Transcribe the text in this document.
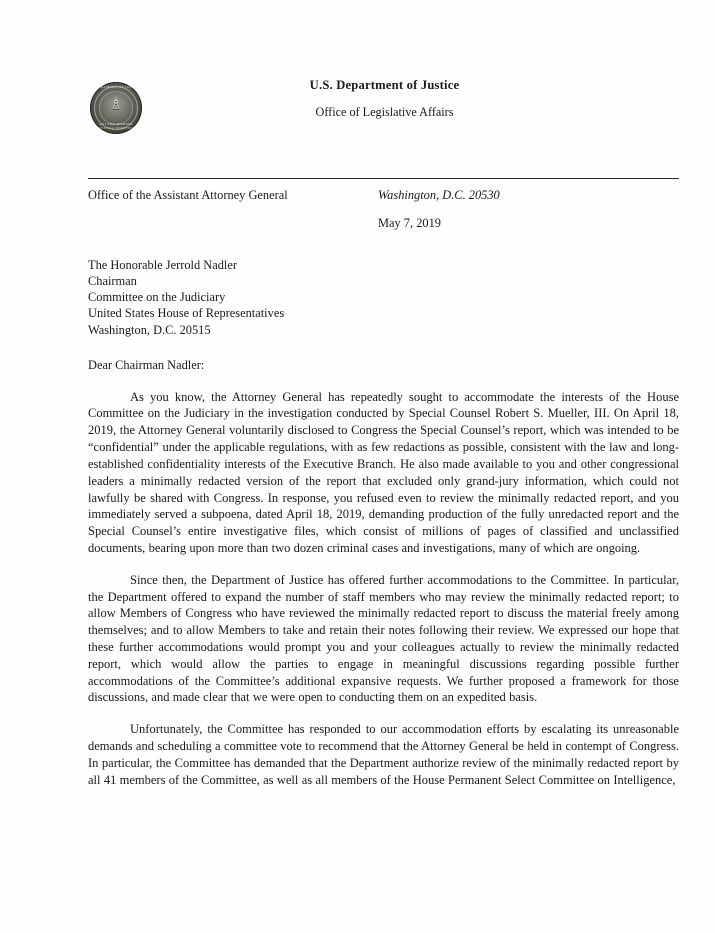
DEPARTMENT OF JUSTICE
♗
QUI PRO DOMINA JUSTITIA SEQUITUR
U.S. Department of Justice
Office of Legislative Affairs
Office of the Assistant Attorney General	Washington, D.C. 20530
May 7, 2019
The Honorable Jerrold Nadler
Chairman
Committee on the Judiciary
United States House of Representatives
Washington, D.C. 20515
Dear Chairman Nadler:

As you know, the Attorney General has repeatedly sought to accommodate the interests of the House Committee on the Judiciary in the investigation conducted by Special Counsel Robert S. Mueller, III. On April 18, 2019, the Attorney General voluntarily disclosed to Congress the Special Counsel’s report, which was intended to be “confidential” under the applicable regulations, with as few redactions as possible, consistent with the law and long-established confidentiality interests of the Executive Branch. He also made available to you and other congressional leaders a minimally redacted version of the report that excluded only grand-jury information, which could not lawfully be shared with Congress. In response, you refused even to review the minimally redacted report, and you immediately served a subpoena, dated April 18, 2019, demanding production of the fully unredacted report and the Special Counsel’s entire investigative files, which consist of millions of pages of classified and unclassified documents, bearing upon more than two dozen criminal cases and investigations, many of which are ongoing.

Since then, the Department of Justice has offered further accommodations to the Committee. In particular, the Department offered to expand the number of staff members who may review the minimally redacted report; to allow Members of Congress who have reviewed the minimally redacted report to discuss the material freely among themselves; and to allow Members to take and retain their notes following their review. We expressed our hope that these further accommodations would prompt you and your colleagues actually to review the minimally redacted report, which would allow the parties to engage in meaningful discussions regarding possible further accommodations of the Committee’s additional expansive requests. We further proposed a framework for those discussions, and made clear that we were open to conducting them on an expedited basis.

Unfortunately, the Committee has responded to our accommodation efforts by escalating its unreasonable demands and scheduling a committee vote to recommend that the Attorney General be held in contempt of Congress. In particular, the Committee has demanded that the Department authorize review of the minimally redacted report by all 41 members of the Committee, as well as all members of the House Permanent Select Committee on Intelligence,
